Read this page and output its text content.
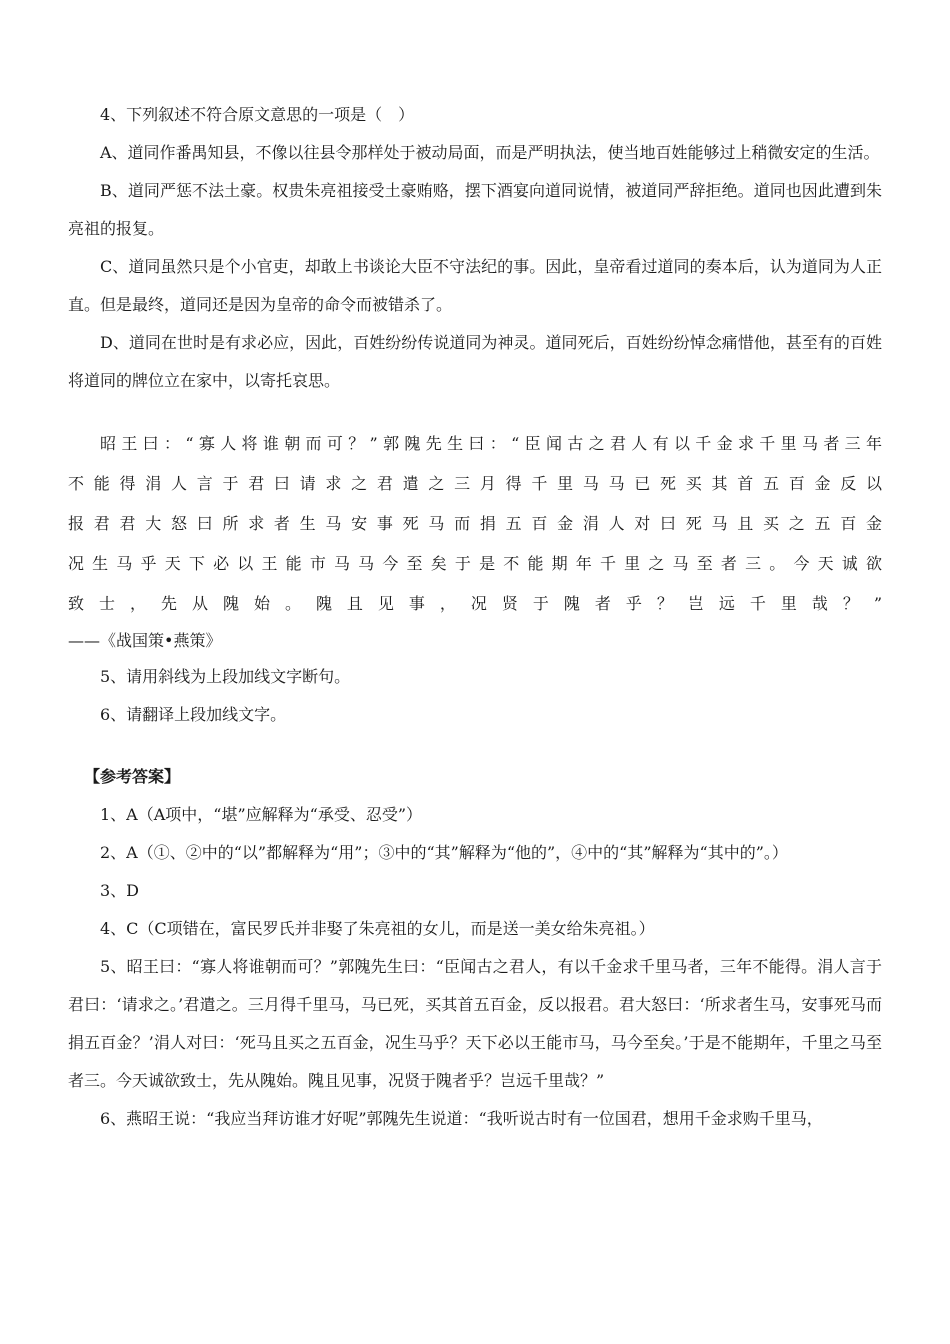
4、下列叙述不符合原文意思的一项是（　）

A、道同作番禺知县，不像以往县令那样处于被动局面，而是严明执法，使当地百姓能够过上稍微安定的生活。

B、道同严惩不法土豪。权贵朱亮祖接受土豪贿赂，摆下酒宴向道同说情，被道同严辞拒绝。道同也因此遭到朱亮祖的报复。

C、道同虽然只是个小官吏，却敢上书谈论大臣不守法纪的事。因此，皇帝看过道同的奏本后，认为道同为人正直。但是最终，道同还是因为皇帝的命令而被错杀了。

D、道同在世时是有求必应，因此，百姓纷纷传说道同为神灵。道同死后，百姓纷纷悼念痛惜他，甚至有的百姓将道同的牌位立在家中，以寄托哀思。

昭王曰：“寡人将谁朝而可？”郭隗先生曰：“臣闻古之君人有以千金求千里马者三年

不能得涓人言于君曰请求之君遣之三月得千里马马已死买其首五百金反以

报君君大怒曰所求者生马安事死马而捐五百金涓人对曰死马且买之五百金

况生马乎天下必以王能市马马今至矣于是不能期年千里之马至者三。今天诚欲

致士，先从隗始。隗且见事，况贤于隗者乎？岂远千里哉？”

——《战国策•燕策》

5、请用斜线为上段加线文字断句。

6、请翻译上段加线文字。

【参考答案】

1、A（A项中，“堪”应解释为“承受、忍受”）

2、A（①、②中的“以”都解释为“用”；③中的“其”解释为“他的”，④中的“其”解释为“其中的”。）

3、D

4、C（C项错在，富民罗氏并非娶了朱亮祖的女儿，而是送一美女给朱亮祖。）

5、昭王曰：“寡人将谁朝而可？”郭隗先生曰：“臣闻古之君人，有以千金求千里马者，三年不能得。涓人言于君曰：‘请求之。’君遣之。三月得千里马，马已死，买其首五百金，反以报君。君大怒曰：‘所求者生马，安事死马而捐五百金？’涓人对曰：‘死马且买之五百金，况生马乎？天下必以王能市马，马今至矣。’于是不能期年，千里之马至者三。今天诚欲致士，先从隗始。隗且见事，况贤于隗者乎？岂远千里哉？”

6、燕昭王说：“我应当拜访谁才好呢”郭隗先生说道：“我听说古时有一位国君，想用千金求购千里马，
